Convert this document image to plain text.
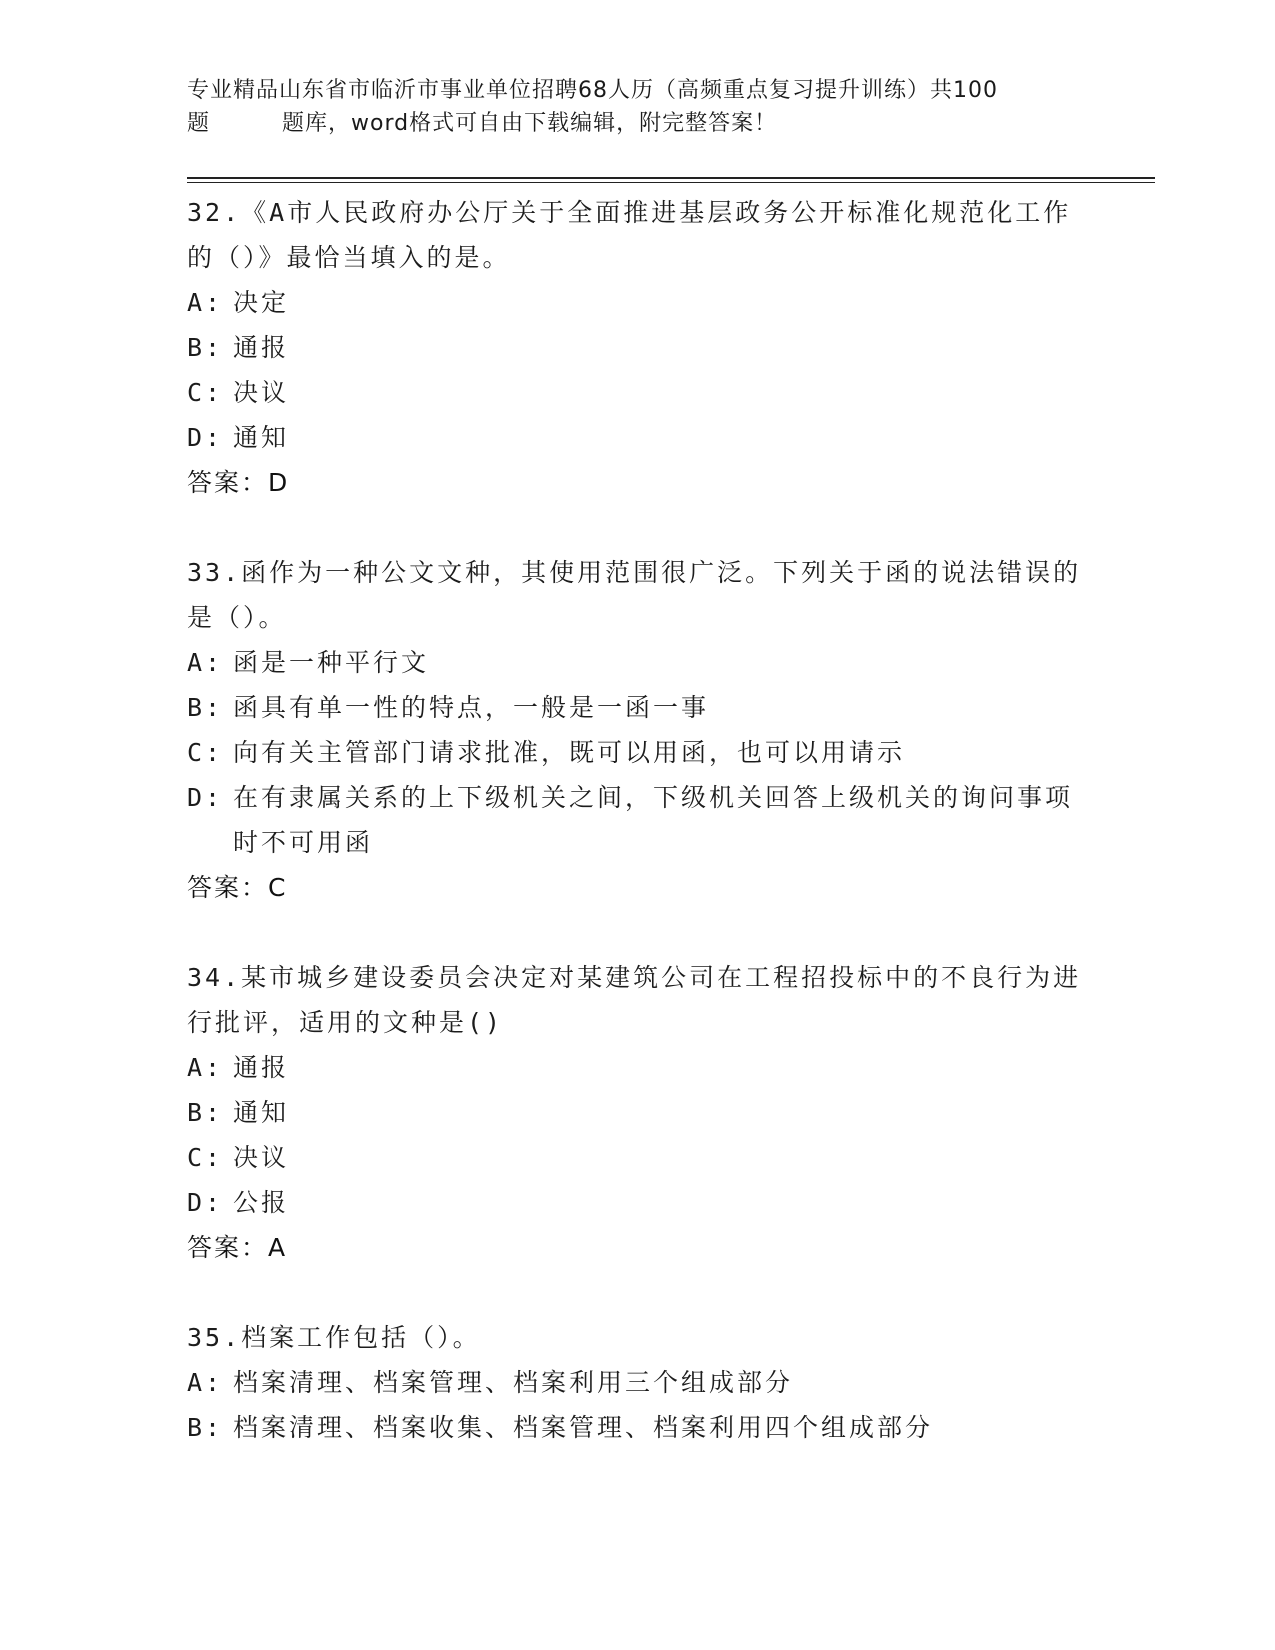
专业精品山东省市临沂市事业单位招聘68人历（高频重点复习提升训练）共100
题	题库，word格式可自由下载编辑，附完整答案！
32.《A市人民政府办公厅关于全面推进基层政务公开标准化规范化工作的（）》最恰当填入的是。
A: 决定
B: 通报
C: 决议
D: 通知
答案：D
33.函作为一种公文文种，其使用范围很广泛。下列关于函的说法错误的是（）。
A: 函是一种平行文
B: 函具有单一性的特点，一般是一函一事
C: 向有关主管部门请求批准，既可以用函，也可以用请示
D: 在有隶属关系的上下级机关之间，下级机关回答上级机关的询问事项时不可用函
答案：C
34.某市城乡建设委员会决定对某建筑公司在工程招投标中的不良行为进行批评，适用的文种是()
A: 通报
B: 通知
C: 决议
D: 公报
答案：A
35.档案工作包括（）。
A: 档案清理、档案管理、档案利用三个组成部分
B: 档案清理、档案收集、档案管理、档案利用四个组成部分
